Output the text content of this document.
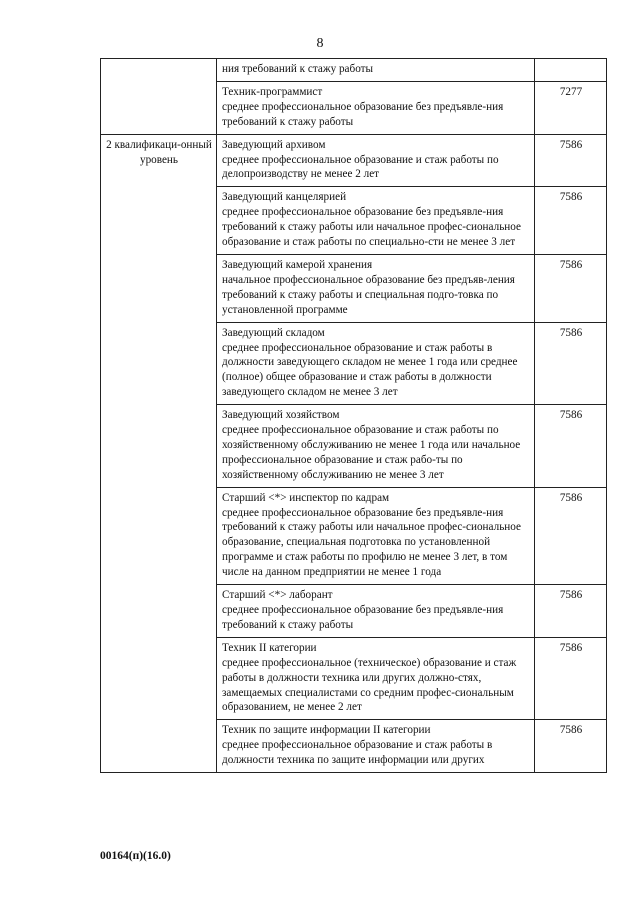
8

	ния требований к стажу работы	

	Техник-программист
среднее профессиональное образование без предъявле-ния требований к стажу работы	7277
2 квалификаци-онный уровень	Заведующий архивом
среднее профессиональное образование и стаж работы по делопроизводству не менее 2 лет	7586

	Заведующий канцелярией
среднее профессиональное образование без предъявле-ния требований к стажу работы или начальное профес-сиональное образование и стаж работы по специально-сти не менее 3 лет	7586

	Заведующий камерой хранения
начальное профессиональное образование без предъяв-ления требований к стажу работы и специальная подго-товка по установленной программе	7586

	Заведующий складом
среднее профессиональное образование и стаж работы в должности заведующего складом не менее 1 года или среднее (полное) общее образование и стаж работы в должности заведующего складом не менее 3 лет	7586

	Заведующий хозяйством
среднее профессиональное образование и стаж работы по хозяйственному обслуживанию не менее 1 года или начальное профессиональное образование и стаж рабо-ты по хозяйственному обслуживанию не менее 3 лет	7586

	Старший <*> инспектор по кадрам
среднее профессиональное образование без предъявле-ния требований к стажу работы или начальное профес-сиональное образование, специальная подготовка по установленной программе и стаж работы по профилю не менее 3 лет, в том числе на данном предприятии не менее 1 года	7586

	Старший <*> лаборант
среднее профессиональное образование без предъявле-ния требований к стажу работы	7586

	Техник II категории
среднее профессиональное (техническое) образование и стаж работы в должности техника или других должно-стях, замещаемых специалистами со средним профес-сиональным образованием, не менее 2 лет	7586

	Техник по защите информации II категории
среднее профессиональное образование и стаж работы в должности техника по защите информации или других	7586
00164(п)(16.0)
